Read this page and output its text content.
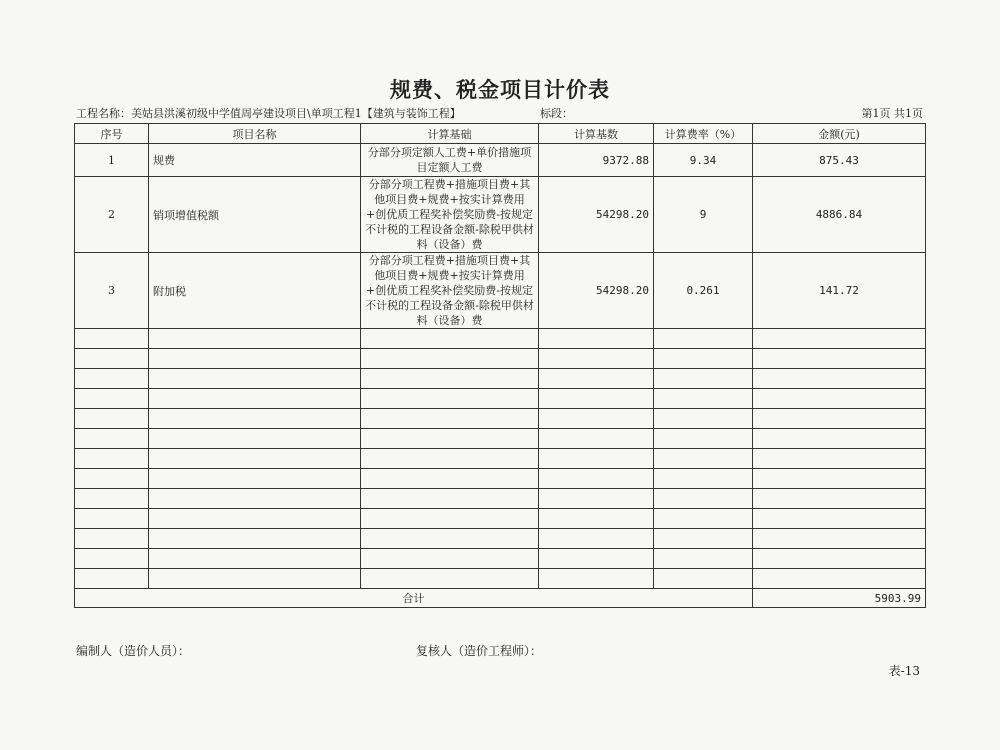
规费、税金项目计价表
工程名称：美姑县洪溪初级中学值周亭建设项目\单项工程1【建筑与装饰工程】	标段：	第1页 共1页
序号	项目名称	计算基础	计算基数	计算费率（%）	金额(元)
1	规费	分部分项定额人工费+单价措施项目定额人工费	9372.88	9.34	875.43
2	销项增值税额	分部分项工程费+措施项目费+其他项目费+规费+按实计算费用+创优质工程奖补偿奖励费-按规定不计税的工程设备金额-除税甲供材料（设备）费	54298.20	9	4886.84
3	附加税	分部分项工程费+措施项目费+其他项目费+规费+按实计算费用+创优质工程奖补偿奖励费-按规定不计税的工程设备金额-除税甲供材料（设备）费	54298.20	0.261	141.72

合计					5903.99
编制人（造价人员）：	复核人（造价工程师）：
表-13
